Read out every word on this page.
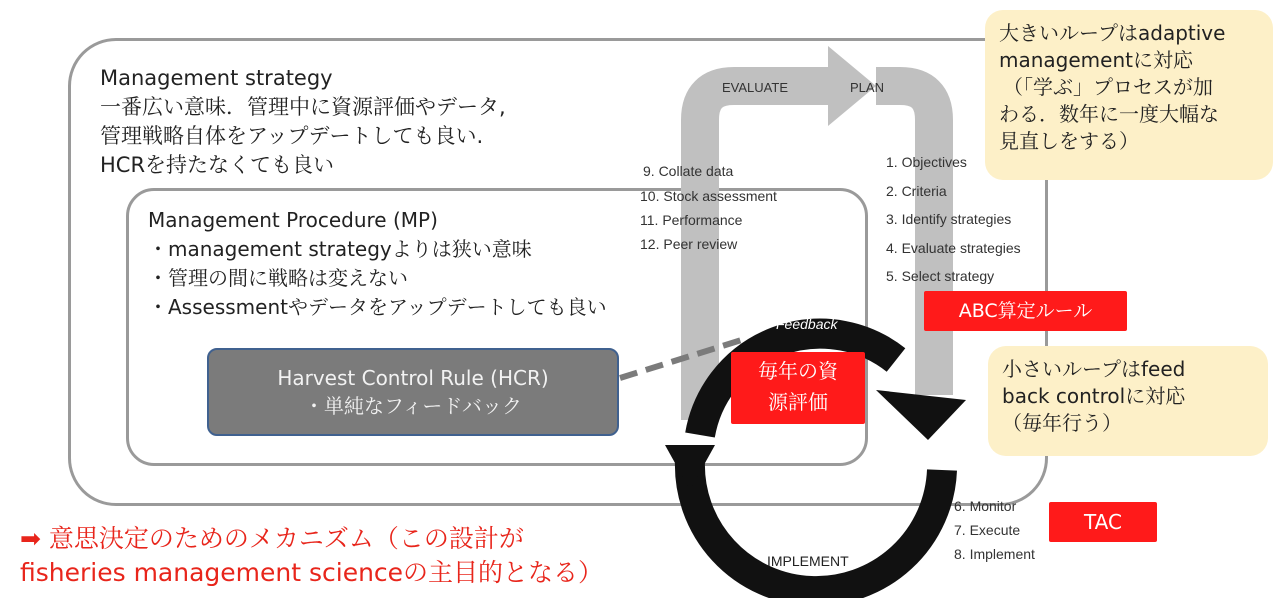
EVALUATE	PLAN
Feedback
IMPLEMENT
Management strategy
一番広い意味．管理中に資源評価やデータ,
管理戦略自体をアップデートしても良い.
HCRを持たなくても良い
Management Procedure (MP)
・management strategyよりは狭い意味
・管理の間に戦略は変えない
・Assessmentやデータをアップデートしても良い
Harvest Control Rule (HCR)
・単純なフィードバック
9. Collate data
10. Stock assessment
11. Performance
12. Peer review
1. Objectives
2. Criteria
3. Identify strategies
4. Evaluate strategies
5. Select strategy
6. Monitor
7. Execute
8. Implement
ABC算定ルール
毎年の資
源評価
TAC
大きいループはadaptive
managementに対応
（「学ぶ」プロセスが加
わる．数年に一度大幅な
見直しをする）
小さいループはfeed
back controlに対応
（毎年行う）
➡ 意思決定のためのメカニズム（この設計が
fisheries management scienceの主目的となる）
